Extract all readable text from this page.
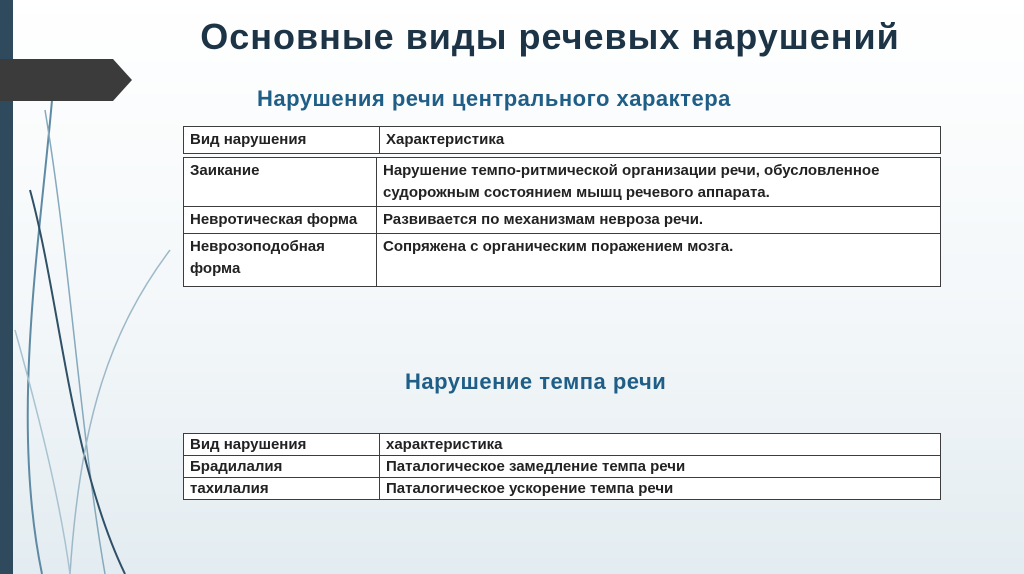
Основные виды речевых нарушений
Нарушения речи центрального характера
Вид нарушения	Характеристика
Заикание	Нарушение темпо-ритмической организации речи, обусловленное судорожным состоянием мышц речевого аппарата.
Невротическая форма	Развивается по механизмам невроза речи.
Неврозоподобная форма	Сопряжена с органическим поражением мозга.
Нарушение темпа речи
Вид нарушения	характеристика
Брадилалия	Паталогическое замедление темпа речи
тахилалия	Паталогическое ускорение темпа речи
